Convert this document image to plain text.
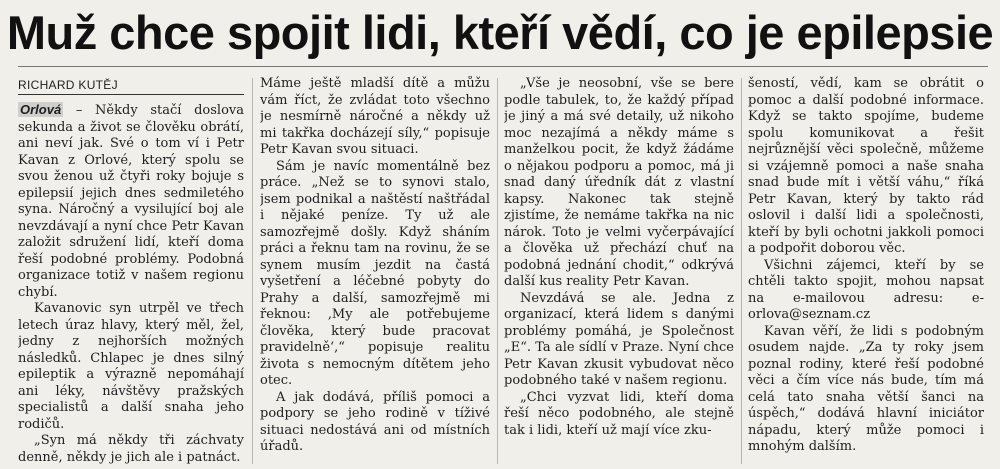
Muž chce spojit lidi, kteří vědí, co je epilepsie
RICHARD KUTĚJ

Orlová – Někdy stačí doslova sekunda a život se člověku obrátí, ani neví jak. Své o tom ví i Petr Kavan z Orlové, který spolu se svou ženou už čtyři roky bojuje s epilepsií jejich dnes sedmiletého syna. Náročný a vysilující boj ale nevzdávají a nyní chce Petr Kavan založit sdružení lidí, kteří doma řeší podobné problémy. Podobná organizace totiž v našem regionu chybí.

Kavanovic syn utrpěl ve třech letech úraz hlavy, který měl, žel, jedny z nejhorších možných následků. Chlapec je dnes silný epileptik a výrazně nepomáhají ani léky, návštěvy pražských specialistů a další snaha jeho rodičů.

„Syn má někdy tři záchvaty denně, někdy je jich ale i patnáct.

Máme ještě mladší dítě a můžu vám říct, že zvládat toto všechno je nesmírně náročné a někdy už mi takřka docházejí síly,“ popisuje Petr Kavan svou situaci.

Sám je navíc momentálně bez práce. „Než se to synovi stalo, jsem podnikal a naštěstí naštřádal i nějaké peníze. Ty už ale samozřejmě došly. Když sháním práci a řeknu tam na rovinu, že se synem musím jezdit na častá vyšetření a léčebné pobyty do Prahy a další, samozřejmě mi řeknou: ‚My ale potřebujeme člověka, který bude pracovat pravidelně‘,“ popisuje realitu života s nemocným dítětem jeho otec.

A jak dodává, příliš pomoci a podpory se jeho rodině v tíživé situaci nedostává ani od místních úřadů.

„Vše je neosobní, vše se bere podle tabulek, to, že každý případ je jiný a má své detaily, už nikoho moc nezajímá a někdy máme s manželkou pocit, že když žádáme o nějakou podporu a pomoc, má ji snad daný úředník dát z vlastní kapsy. Nakonec tak stejně zjistíme, že nemáme takřka na nic nárok. Toto je velmi vyčerpávající a člověka už přechází chuť na podobná jednání chodit,“ odkrývá další kus reality Petr Kavan.

Nevzdává se ale. Jedna z organizací, která lidem s danými problémy pomáhá, je Společnost „E“. Ta ale sídlí v Praze. Nyní chce Petr Kavan zkusit vybudovat něco podobného také v našem regionu.

„Chci vyzvat lidi, kteří doma řeší něco podobného, ale stejně tak i lidi, kteří už mají více zku-

šeností, vědí, kam se obrátit o pomoc a další podobné informace. Když se takto spojíme, budeme spolu komunikovat a řešit nejrůznější věci společně, můžeme si vzájemně pomoci a naše snaha snad bude mít i větší váhu,“ říká Petr Kavan, který by takto rád oslovil i další lidi a společnosti, kteří by byli ochotni jakkoli pomoci a podpořit doborou věc.

Všichni zájemci, kteří by se chtěli takto spojit, mohou napsat na e-mailovou adresu: e-orlova@seznam.cz

Kavan věří, že lidi s podobným osudem najde. „Za ty roky jsem poznal rodiny, které řeší podobné věci a čím více nás bude, tím má celá tato snaha větší šanci na úspěch,“ dodává hlavní iniciátor nápadu, který může pomoci i mnohým dalším.
